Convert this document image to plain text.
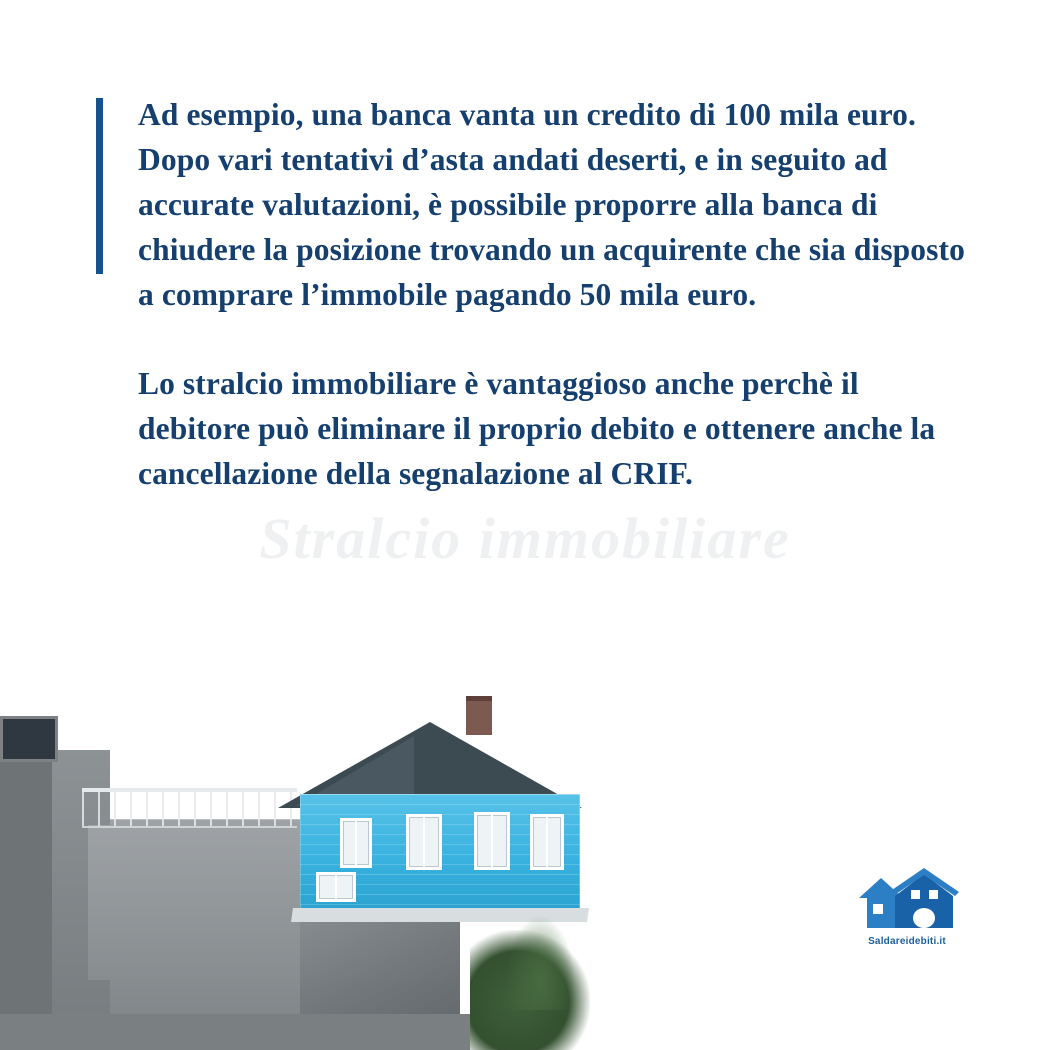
Stralcio immobiliare
Ad esempio, una banca vanta un credito di 100 mila euro.
Dopo vari tentativi d’asta andati deserti, e in seguito ad accurate valutazioni, è possibile proporre alla banca di chiudere la posizione trovando un acquirente che sia disposto a comprare l’immobile pagando 50 mila euro.
Lo stralcio immobiliare è vantaggioso anche perchè il debitore può eliminare il proprio debito e ottenere anche la cancellazione della segnalazione al CRIF.
Saldareidebiti.it
